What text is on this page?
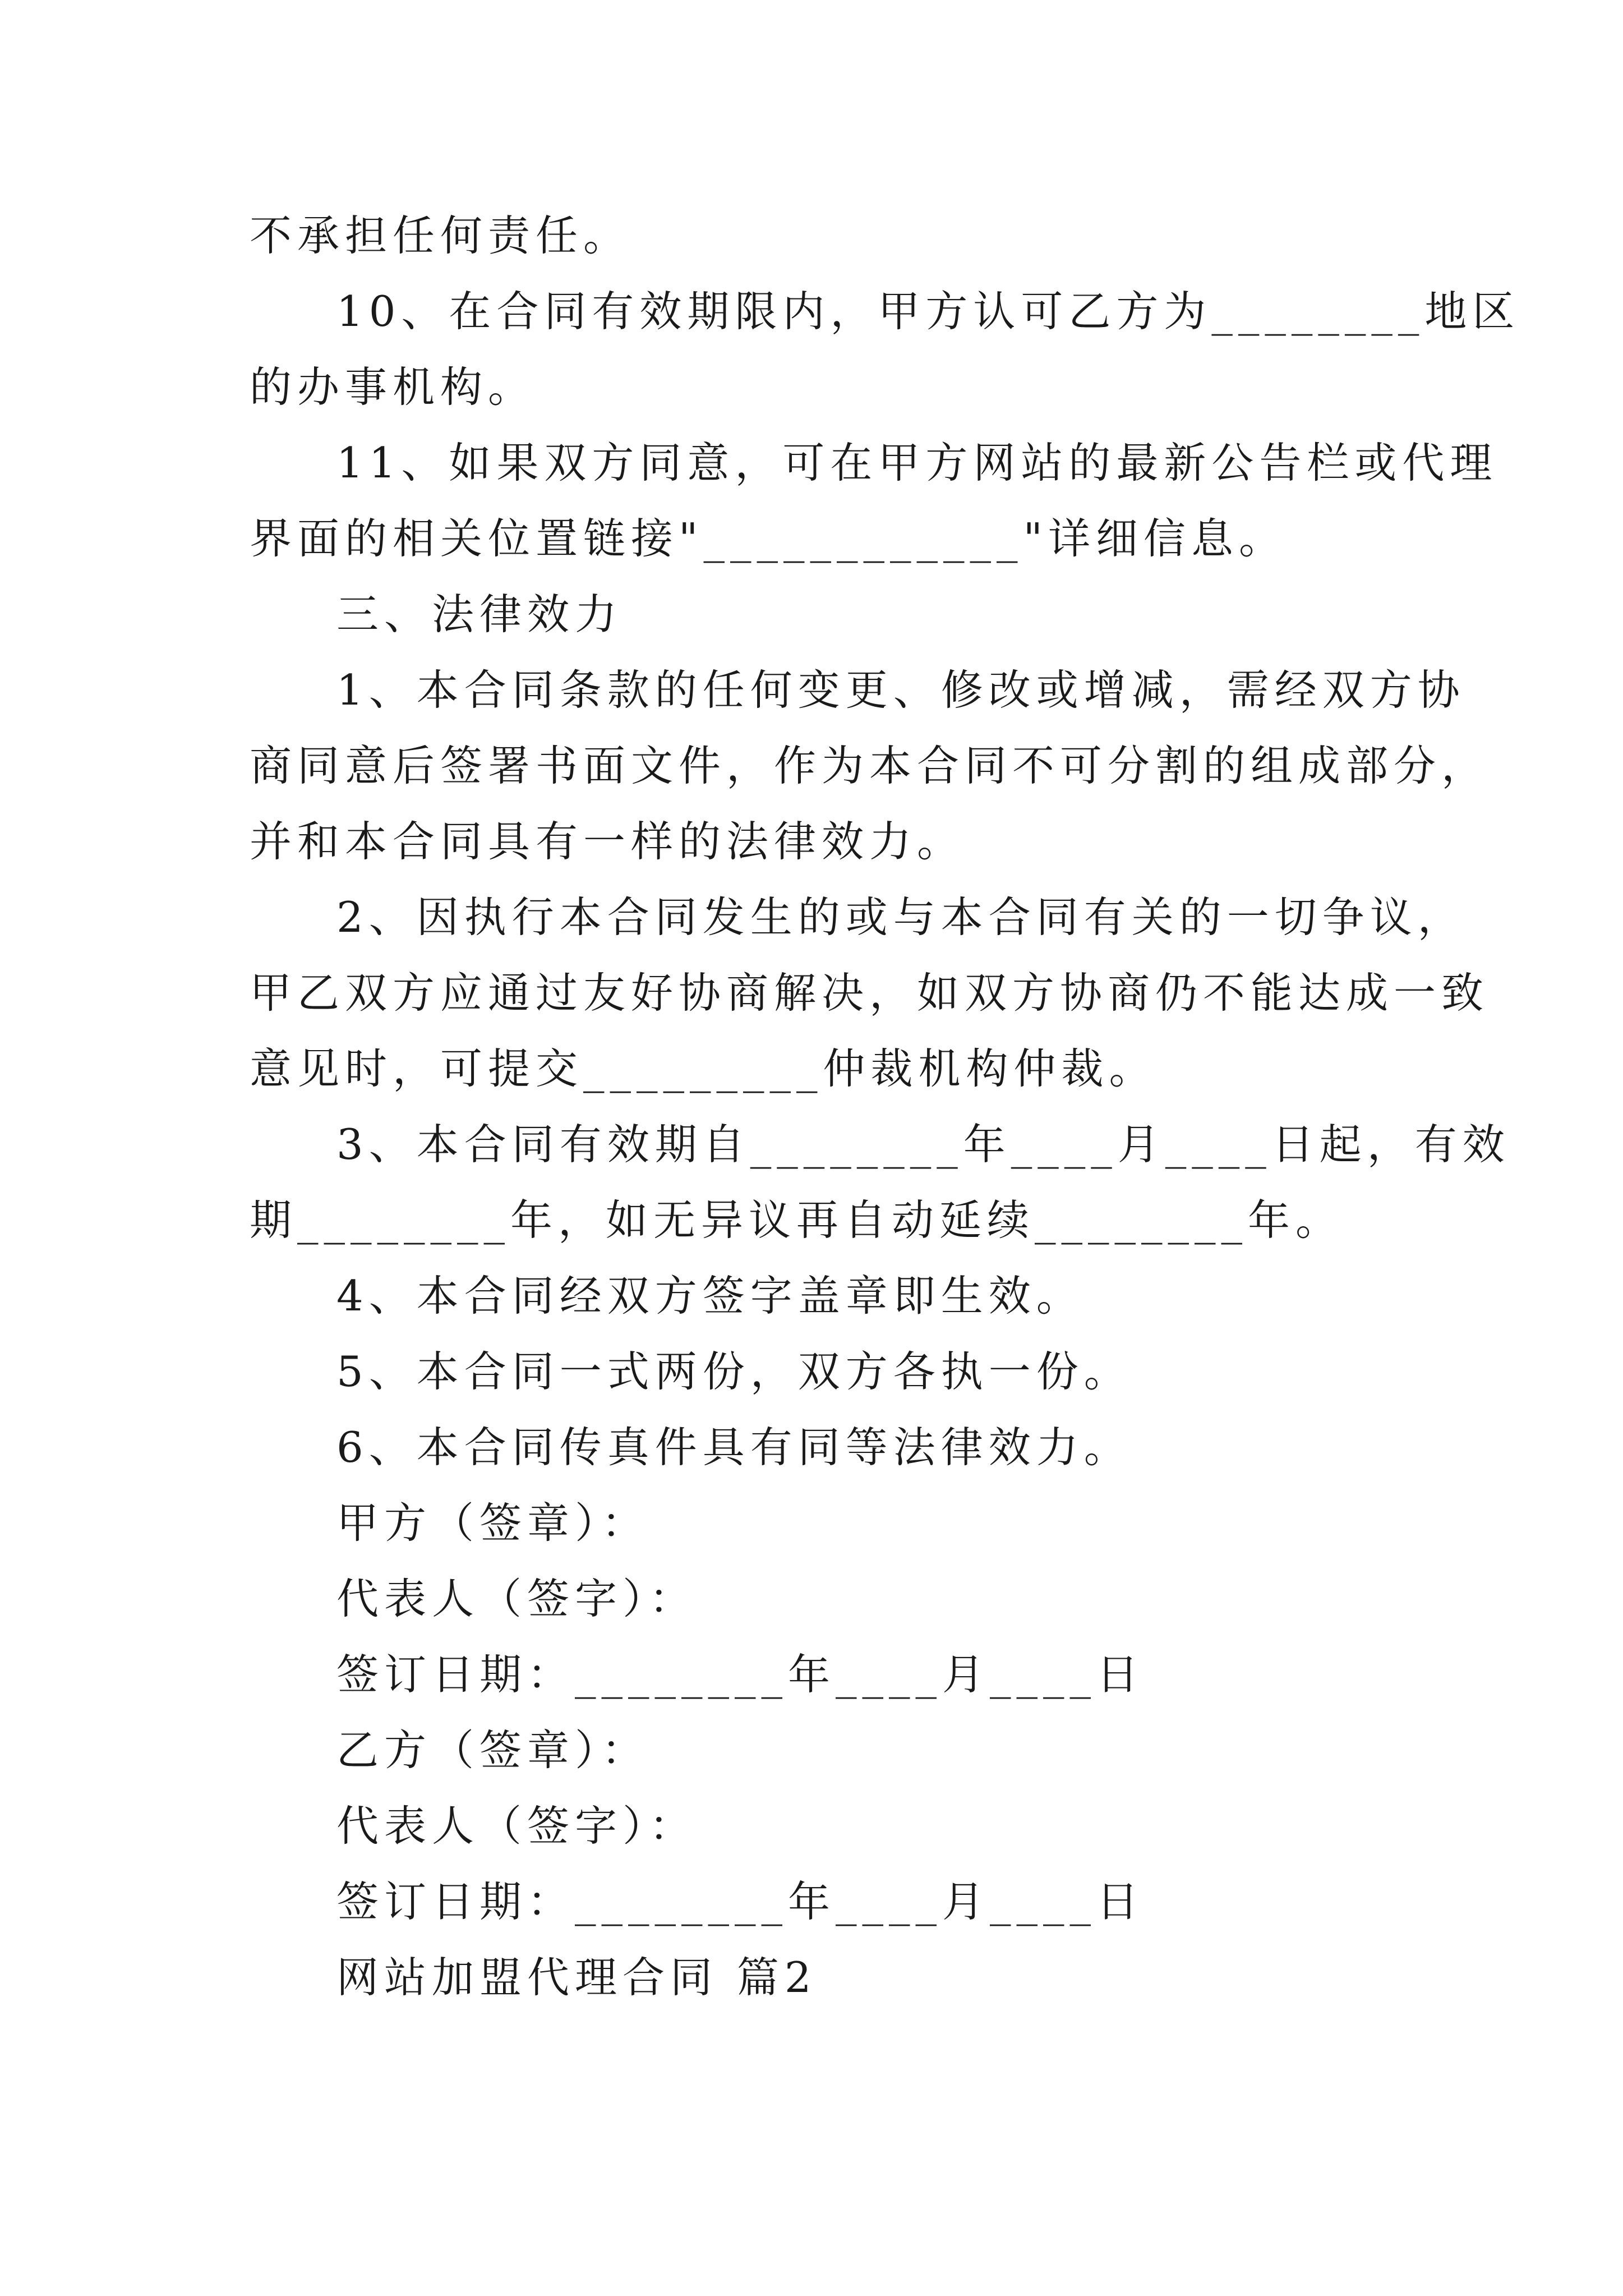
不承担任何责任。
10、在合同有效期限内，甲方认可乙方为________地区
的办事机构。
11、如果双方同意，可在甲方网站的最新公告栏或代理
界面的相关位置链接"____________"详细信息。
三、法律效力
1、本合同条款的任何变更、修改或增减，需经双方协
商同意后签署书面文件，作为本合同不可分割的组成部分，
并和本合同具有一样的法律效力。
2、因执行本合同发生的或与本合同有关的一切争议，
甲乙双方应通过友好协商解决，如双方协商仍不能达成一致
意见时，可提交_________仲裁机构仲裁。
3、本合同有效期自________年____月____日起，有效
期________年，如无异议再自动延续________年。
4、本合同经双方签字盖章即生效。
5、本合同一式两份，双方各执一份。
6、本合同传真件具有同等法律效力。
甲方（签章）：
代表人（签字）：
签订日期：________年____月____日
乙方（签章）：
代表人（签字）：
签订日期：________年____月____日
网站加盟代理合同 篇2
